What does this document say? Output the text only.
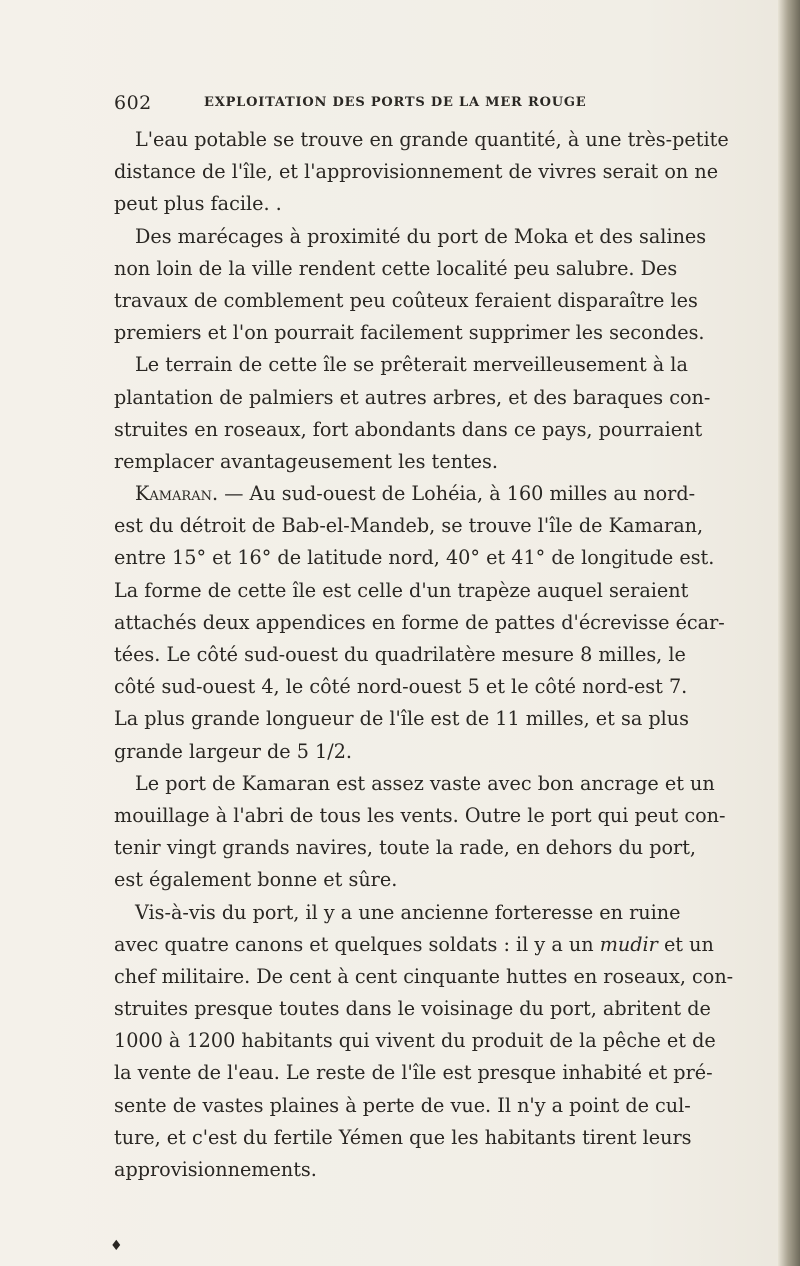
602	EXPLOITATION DES PORTS DE LA MER ROUGE
L'eau potable se trouve en grande quantité, à une très-petite
distance de l'île, et l'approvisionnement de vivres serait on ne
peut plus facile. .
Des marécages à proximité du port de Moka et des salines
non loin de la ville rendent cette localité peu salubre. Des
travaux de comblement peu coûteux feraient disparaître les
premiers et l'on pourrait facilement supprimer les secondes.
Le terrain de cette île se prêterait merveilleusement à la
plantation de palmiers et autres arbres, et des baraques con-
struites en roseaux, fort abondants dans ce pays, pourraient
remplacer avantageusement les tentes.
Kamaran. — Au sud-ouest de Lohéia, à 160 milles au nord-
est du détroit de Bab-el-Mandeb, se trouve l'île de Kamaran,
entre 15° et 16° de latitude nord, 40° et 41° de longitude est.
La forme de cette île est celle d'un trapèze auquel seraient
attachés deux appendices en forme de pattes d'écrevisse écar-
tées. Le côté sud-ouest du quadrilatère mesure 8 milles, le
côté sud-ouest 4, le côté nord-ouest 5 et le côté nord-est 7.
La plus grande longueur de l'île est de 11 milles, et sa plus
grande largeur de 5 1/2.
Le port de Kamaran est assez vaste avec bon ancrage et un
mouillage à l'abri de tous les vents. Outre le port qui peut con-
tenir vingt grands navires, toute la rade, en dehors du port,
est également bonne et sûre.
Vis-à-vis du port, il y a une ancienne forteresse en ruine
avec quatre canons et quelques soldats : il y a un mudir et un
chef militaire. De cent à cent cinquante huttes en roseaux, con-
struites presque toutes dans le voisinage du port, abritent de
1000 à 1200 habitants qui vivent du produit de la pêche et de
la vente de l'eau. Le reste de l'île est presque inhabité et pré-
sente de vastes plaines à perte de vue. Il n'y a point de cul-
ture, et c'est du fertile Yémen que les habitants tirent leurs
approvisionnements.
♦
